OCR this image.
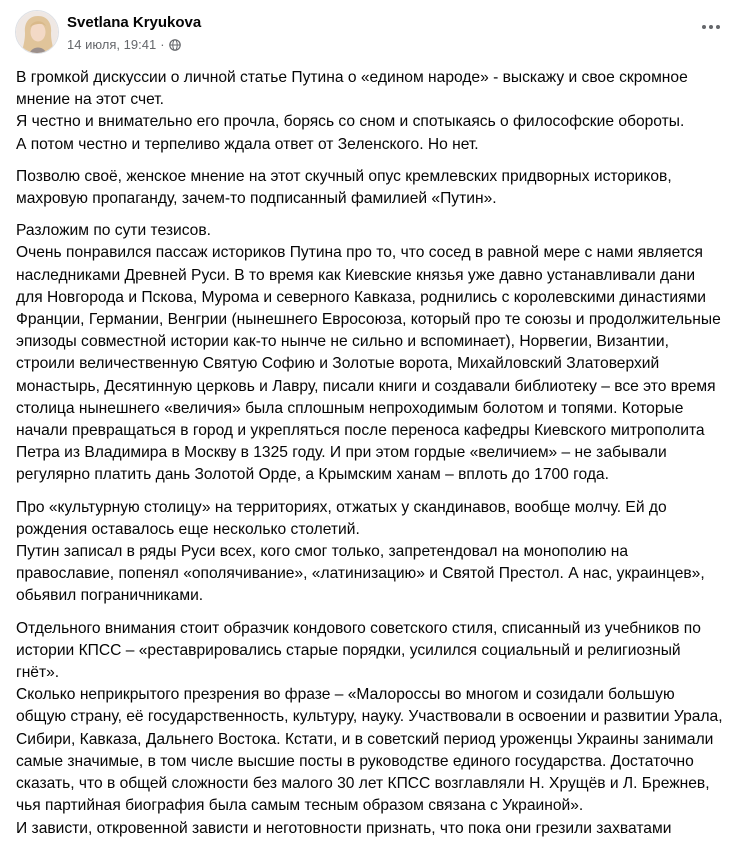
Svetlana Kryukova
14 июля, 19:41 ·

В громкой дискуссии о личной статье Путина о «едином народе» - выскажу и свое скромное мнение на этот счет.
Я честно и внимательно его прочла, борясь со сном и спотыкаясь о философские обороты.
А потом честно и терпеливо ждала ответ от Зеленского. Но нет.

Позволю своё, женское мнение на этот скучный опус кремлевских придворных историков, махровую пропаганду, зачем-то подписанный фамилией «Путин».

Разложим по сути тезисов.
Очень понравился пассаж историков Путина про то, что сосед в равной мере с нами является наследниками Древней Руси. В то время как Киевские князья уже давно устанавливали дани для Новгорода и Пскова, Мурома и северного Кавказа, роднились с королевскими династиями Франции, Германии, Венгрии (нынешнего Евросоюза, который про те союзы и продолжительные эпизоды совместной истории как-то нынче не сильно и вспоминает), Норвегии, Византии, строили величественную Святую Софию и Золотые ворота, Михайловский Златоверхий монастырь, Десятинную церковь и Лавру, писали книги и создавали библиотеку – все это время столица нынешнего «величия» была сплошным непроходимым болотом и топями. Которые начали превращаться в город и укрепляться после переноса кафедры Киевского митрополита Петра из Владимира в Москву в 1325 году. И при этом гордые «величием» – не забывали регулярно платить дань Золотой Орде, а Крымским ханам – вплоть до 1700 года.

Про «культурную столицу» на территориях, отжатых у скандинавов, вообще молчу. Ей до рождения оставалось еще несколько столетий.
Путин записал в ряды Руси всех, кого смог только, запретендовал на монополию на православие, попенял «ополячивание», «латинизацию» и Святой Престол. А нас, украинцев», обьявил пограничниками.

Отдельного внимания стоит образчик кондового советского стиля, списанный из учебников по истории КПСС – «реставрировались старые порядки, усилился социальный и религиозный гнёт».
Сколько неприкрытого презрения во фразе – «Малороссы во многом и созидали большую общую страну, её государственность, культуру, науку. Участвовали в освоении и развитии Урала, Сибири, Кавказа, Дальнего Востока. Кстати, и в советский период уроженцы Украины занимали самые значимые, в том числе высшие посты в руководстве единого государства. Достаточно сказать, что в общей сложности без малого 30 лет КПСС возглавляли Н. Хрущёв и Л. Брежнев, чья партийная биография была самым тесным образом связана с Украиной».
И зависти, откровенной зависти и неготовности признать, что пока они грезили захватами
